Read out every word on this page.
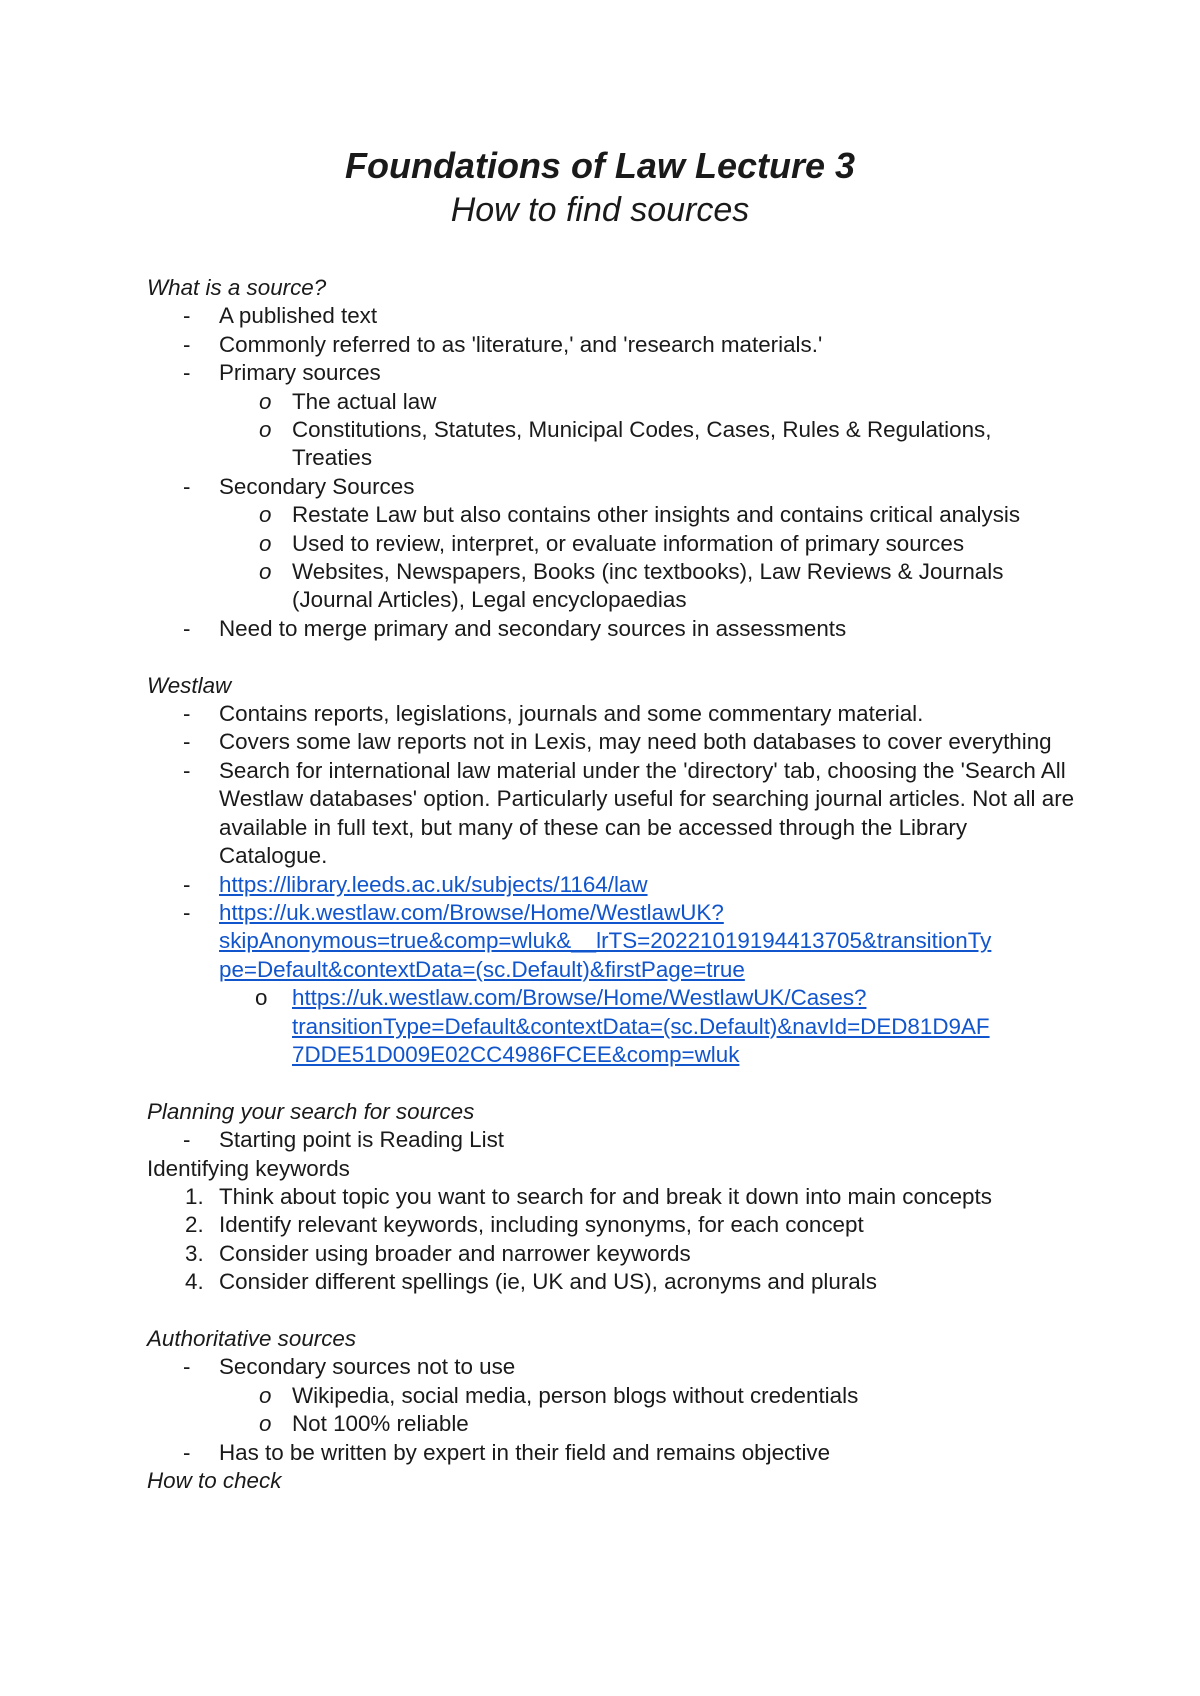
Foundations of Law Lecture 3
How to find sources
What is a source?
- A published text
- Commonly referred to as 'literature,' and 'research materials.'
- Primary sources
o The actual law
o Constitutions, Statutes, Municipal Codes, Cases, Rules & Regulations, Treaties
- Secondary Sources
o Restate Law but also contains other insights and contains critical analysis
o Used to review, interpret, or evaluate information of primary sources
o Websites, Newspapers, Books (inc textbooks), Law Reviews & Journals (Journal Articles), Legal encyclopaedias
- Need to merge primary and secondary sources in assessments
Westlaw
- Contains reports, legislations, journals and some commentary material.
- Covers some law reports not in Lexis, may need both databases to cover everything
- Search for international law material under the 'directory' tab, choosing the 'Search All Westlaw databases' option. Particularly useful for searching journal articles. Not all are available in full text, but many of these can be accessed through the Library Catalogue.
- https://library.leeds.ac.uk/subjects/1164/law
- https://uk.westlaw.com/Browse/Home/WestlawUK?
skipAnonymous=true&comp=wluk&__lrTS=20221019194413705&transitionTy
pe=Default&contextData=(sc.Default)&firstPage=true
o https://uk.westlaw.com/Browse/Home/WestlawUK/Cases?
transitionType=Default&contextData=(sc.Default)&navId=DED81D9AF
7DDE51D009E02CC4986FCEE&comp=wluk
Planning your search for sources
- Starting point is Reading List
Identifying keywords
1. Think about topic you want to search for and break it down into main concepts
2. Identify relevant keywords, including synonyms, for each concept
3. Consider using broader and narrower keywords
4. Consider different spellings (ie, UK and US), acronyms and plurals
Authoritative sources
- Secondary sources not to use
o Wikipedia, social media, person blogs without credentials
o Not 100% reliable
- Has to be written by expert in their field and remains objective
How to check
